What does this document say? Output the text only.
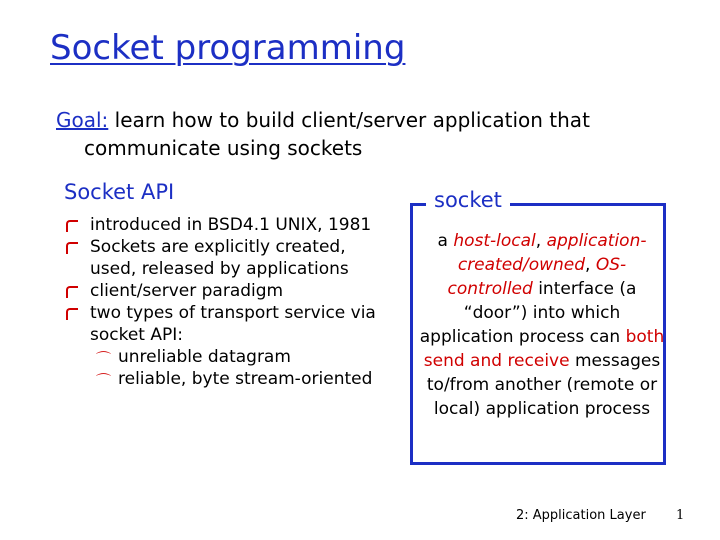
Socket programming
Goal: learn how to build client/server application that
communicate using sockets
Socket API
introduced in BSD4.1 UNIX, 1981
Sockets are explicitly created, used, released by applications
client/server paradigm
two types of transport service via socket API:
⌒ unreliable datagram
⌒ reliable, byte stream-oriented
socket
a host-local, application-created/owned, OS-controlled interface (a “door”) into which application process can both send and receive messages to/from another (remote or local) application process
2: Application Layer 1
